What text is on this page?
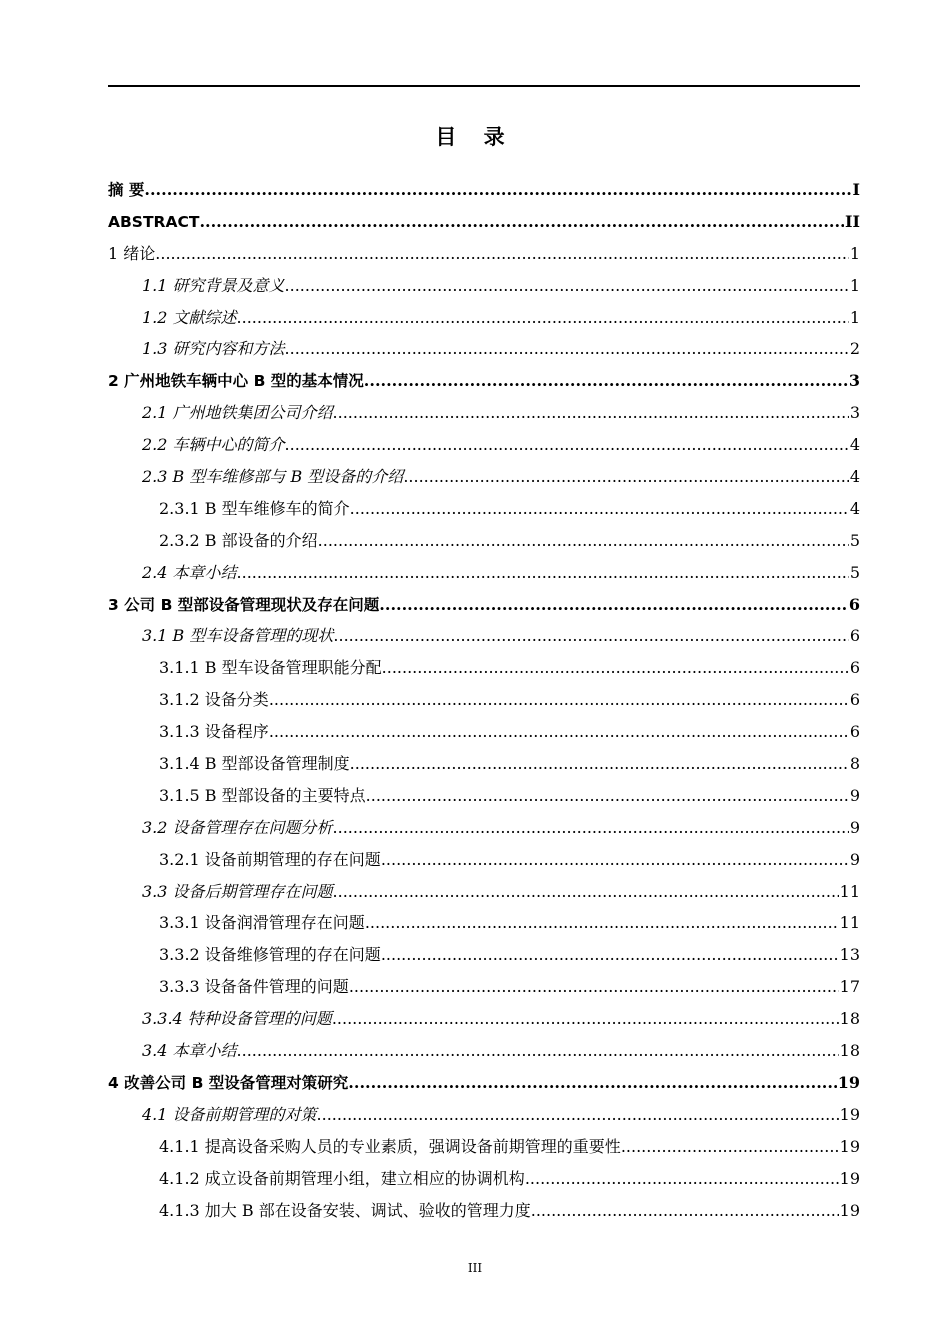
目 录
摘 要 .....	I
ABSTRACT .....	II
1 绪论 .....	1
1.1 研究背景及意义 .....	1
1.2 文献综述 .....	1
1.3 研究内容和方法 .....	2
2 广州地铁车辆中心 B 型的基本情况 .....	3
2.1 广州地铁集团公司介绍 .....	3
2.2 车辆中心的简介 .....	4
2.3 B 型车维修部与 B 型设备的介绍 .....	4
2.3.1 B 型车维修车的简介 .....	4
2.3.2 B 部设备的介绍 .....	5
2.4 本章小结 .....	5
3 公司 B 型部设备管理现状及存在问题 .....	6
3.1 B 型车设备管理的现状 .....	6
3.1.1 B 型车设备管理职能分配 .....	6
3.1.2 设备分类 .....	6
3.1.3 设备程序 .....	6
3.1.4 B 型部设备管理制度 .....	8
3.1.5 B 型部设备的主要特点 .....	9
3.2 设备管理存在问题分析 .....	9
3.2.1 设备前期管理的存在问题 .....	9
3.3 设备后期管理存在问题 .....	11
3.3.1 设备润滑管理存在问题 .....	11
3.3.2 设备维修管理的存在问题 .....	13
3.3.3 设备备件管理的问题 .....	17
3.3.4 特种设备管理的问题 .....	18
3.4 本章小结 .....	18
4 改善公司 B 型设备管理对策研究 .....	19
4.1 设备前期管理的对策 .....	19
4.1.1 提高设备采购人员的专业素质，强调设备前期管理的重要性 .....	19
4.1.2 成立设备前期管理小组，建立相应的协调机构 .....	19
4.1.3 加大 B 部在设备安装、调试、验收的管理力度 .....	19
III
